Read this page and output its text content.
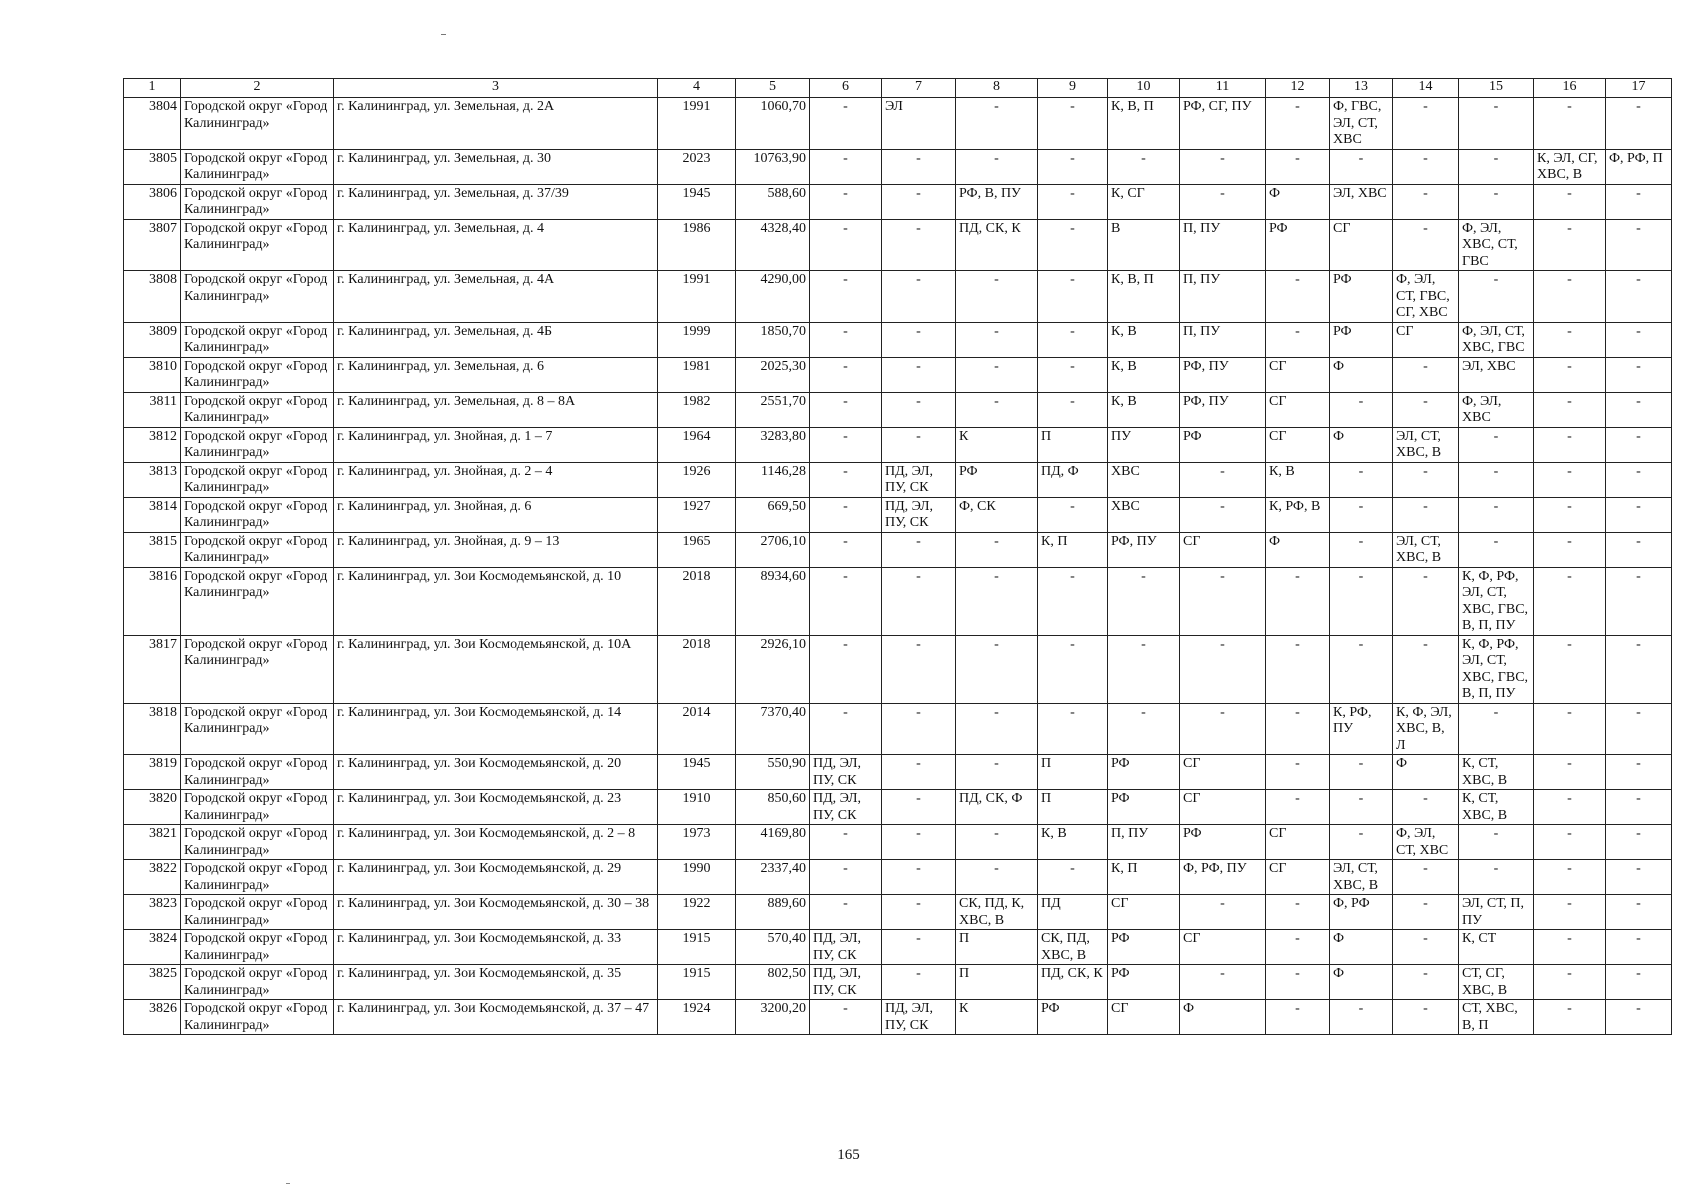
1	2	3	4	5	6	7	8	9	10	11	12	13	14	15	16	17
3804	Городской округ «Город Калининград»	г. Калининград, ул. Земельная, д. 2А	1991	1060,70	-	ЭЛ	-	-	К, В, П	РФ, СГ, ПУ	-	Ф, ГВС, ЭЛ, СТ, ХВС	-	-	-	-
3805	Городской округ «Город Калининград»	г. Калининград, ул. Земельная, д. 30	2023	10763,90	-	-	-	-	-	-	-	-	-	-	К, ЭЛ, СГ, ХВС, В	Ф, РФ, П
3806	Городской округ «Город Калининград»	г. Калининград, ул. Земельная, д. 37/39	1945	588,60	-	-	РФ, В, ПУ	-	К, СГ	-	Ф	ЭЛ, ХВС	-	-	-	-
3807	Городской округ «Город Калининград»	г. Калининград, ул. Земельная, д. 4	1986	4328,40	-	-	ПД, СК, К	-	В	П, ПУ	РФ	СГ	-	Ф, ЭЛ, ХВС, СТ, ГВС	-	-
3808	Городской округ «Город Калининград»	г. Калининград, ул. Земельная, д. 4А	1991	4290,00	-	-	-	-	К, В, П	П, ПУ	-	РФ	Ф, ЭЛ, СТ, ГВС, СГ, ХВС	-	-	-
3809	Городской округ «Город Калининград»	г. Калининград, ул. Земельная, д. 4Б	1999	1850,70	-	-	-	-	К, В	П, ПУ	-	РФ	СГ	Ф, ЭЛ, СТ, ХВС, ГВС	-	-
3810	Городской округ «Город Калининград»	г. Калининград, ул. Земельная, д. 6	1981	2025,30	-	-	-	-	К, В	РФ, ПУ	СГ	Ф	-	ЭЛ, ХВС	-	-
3811	Городской округ «Город Калининград»	г. Калининград, ул. Земельная, д. 8 – 8А	1982	2551,70	-	-	-	-	К, В	РФ, ПУ	СГ	-	-	Ф, ЭЛ, ХВС	-	-
3812	Городской округ «Город Калининград»	г. Калининград, ул. Знойная, д. 1 – 7	1964	3283,80	-	-	К	П	ПУ	РФ	СГ	Ф	ЭЛ, СТ, ХВС, В	-	-	-
3813	Городской округ «Город Калининград»	г. Калининград, ул. Знойная, д. 2 – 4	1926	1146,28	-	ПД, ЭЛ, ПУ, СК	РФ	ПД, Ф	ХВС	-	К, В	-	-	-	-	-
3814	Городской округ «Город Калининград»	г. Калининград, ул. Знойная, д. 6	1927	669,50	-	ПД, ЭЛ, ПУ, СК	Ф, СК	-	ХВС	-	К, РФ, В	-	-	-	-	-
3815	Городской округ «Город Калининград»	г. Калининград, ул. Знойная, д. 9 – 13	1965	2706,10	-	-	-	К, П	РФ, ПУ	СГ	Ф	-	ЭЛ, СТ, ХВС, В	-	-	-
3816	Городской округ «Город Калининград»	г. Калининград, ул. Зои Космодемьянской, д. 10	2018	8934,60	-	-	-	-	-	-	-	-	-	К, Ф, РФ, ЭЛ, СТ, ХВС, ГВС, В, П, ПУ	-	-
3817	Городской округ «Город Калининград»	г. Калининград, ул. Зои Космодемьянской, д. 10А	2018	2926,10	-	-	-	-	-	-	-	-	-	К, Ф, РФ, ЭЛ, СТ, ХВС, ГВС, В, П, ПУ	-	-
3818	Городской округ «Город Калининград»	г. Калининград, ул. Зои Космодемьянской, д. 14	2014	7370,40	-	-	-	-	-	-	-	К, РФ, ПУ	К, Ф, ЭЛ, ХВС, В, Л	-	-	-
3819	Городской округ «Город Калининград»	г. Калининград, ул. Зои Космодемьянской, д. 20	1945	550,90	ПД, ЭЛ, ПУ, СК	-	-	П	РФ	СГ	-	-	Ф	К, СТ, ХВС, В	-	-
3820	Городской округ «Город Калининград»	г. Калининград, ул. Зои Космодемьянской, д. 23	1910	850,60	ПД, ЭЛ, ПУ, СК	-	ПД, СК, Ф	П	РФ	СГ	-	-	-	К, СТ, ХВС, В	-	-
3821	Городской округ «Город Калининград»	г. Калининград, ул. Зои Космодемьянской, д. 2 – 8	1973	4169,80	-	-	-	К, В	П, ПУ	РФ	СГ	-	Ф, ЭЛ, СТ, ХВС	-	-	-
3822	Городской округ «Город Калининград»	г. Калининград, ул. Зои Космодемьянской, д. 29	1990	2337,40	-	-	-	-	К, П	Ф, РФ, ПУ	СГ	ЭЛ, СТ, ХВС, В	-	-	-	-
3823	Городской округ «Город Калининград»	г. Калининград, ул. Зои Космодемьянской, д. 30 – 38	1922	889,60	-	-	СК, ПД, К, ХВС, В	ПД	СГ	-	-	Ф, РФ	-	ЭЛ, СТ, П, ПУ	-	-
3824	Городской округ «Город Калининград»	г. Калининград, ул. Зои Космодемьянской, д. 33	1915	570,40	ПД, ЭЛ, ПУ, СК	-	П	СК, ПД, ХВС, В	РФ	СГ	-	Ф	-	К, СТ	-	-
3825	Городской округ «Город Калининград»	г. Калининград, ул. Зои Космодемьянской, д. 35	1915	802,50	ПД, ЭЛ, ПУ, СК	-	П	ПД, СК, К	РФ	-	-	Ф	-	СТ, СГ, ХВС, В	-	-
3826	Городской округ «Город Калининград»	г. Калининград, ул. Зои Космодемьянской, д. 37 – 47	1924	3200,20	-	ПД, ЭЛ, ПУ, СК	К	РФ	СГ	Ф	-	-	-	СТ, ХВС, В, П	-	-
165
